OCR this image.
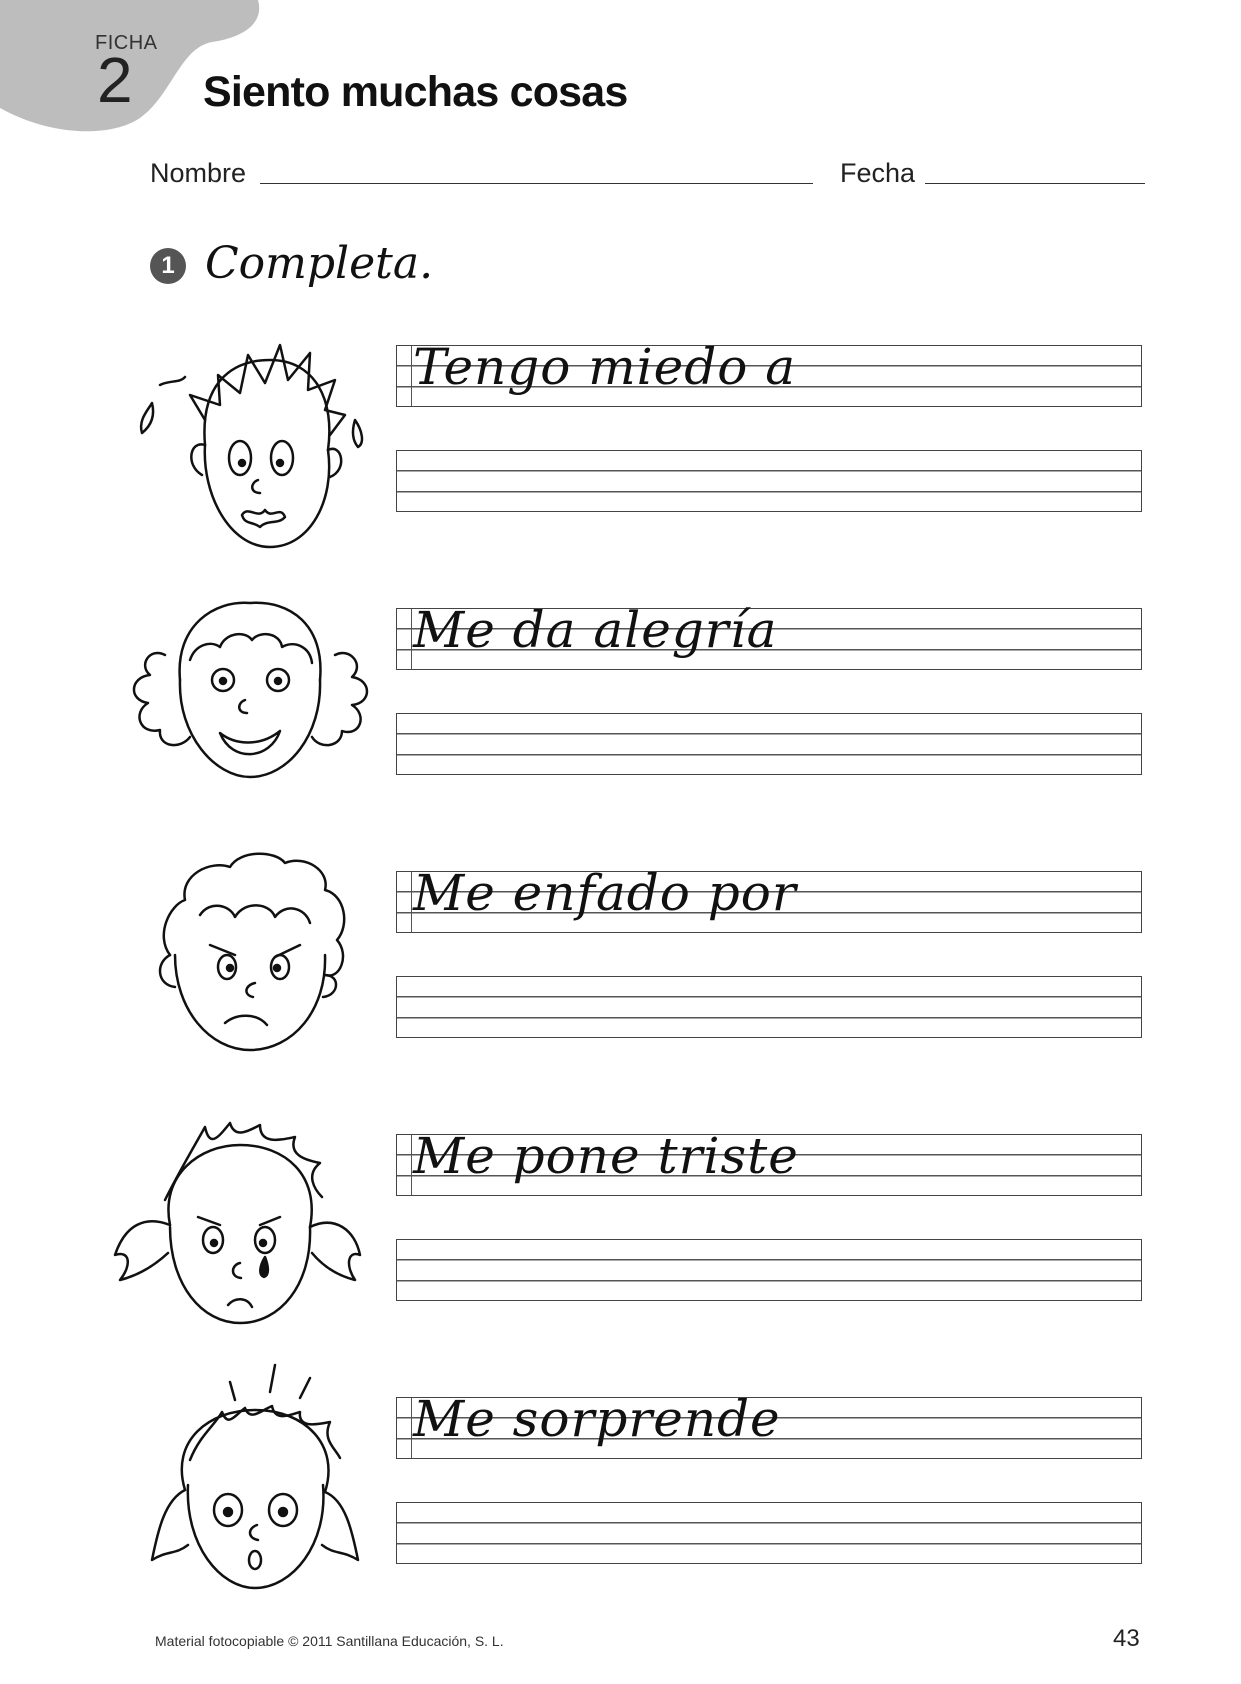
FICHA
2 Siento muchas cosas
Nombre	Fecha
1 Completa.
Tengo miedo a
Me da alegría
Me enfado por
Me pone triste
Me sorprende
Material fotocopiable © 2011 Santillana Educación, S. L.	43
